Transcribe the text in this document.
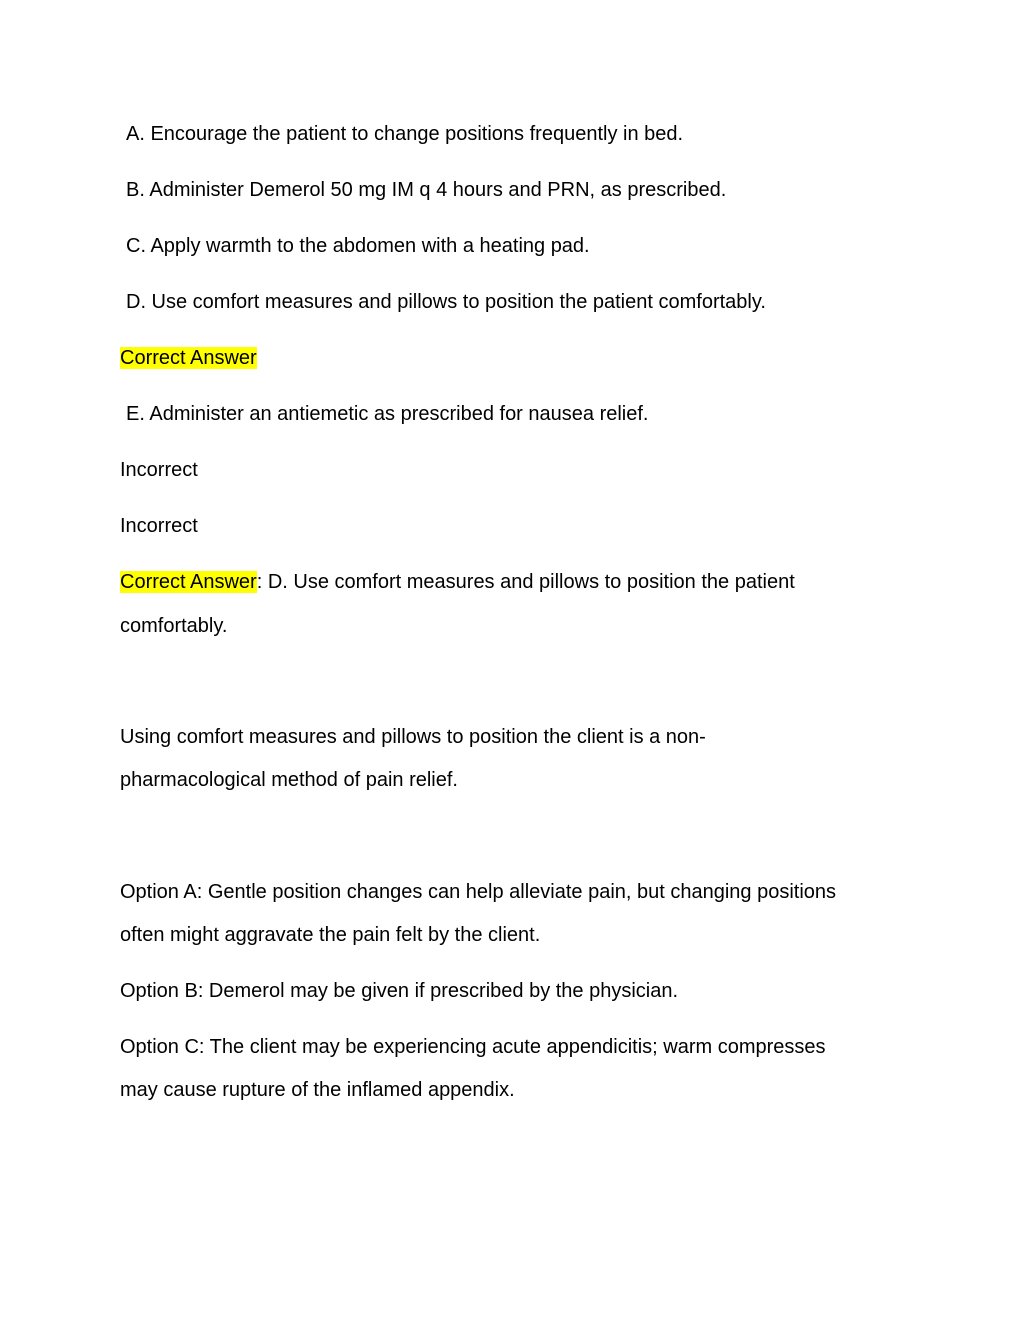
A. Encourage the patient to change positions frequently in bed.
B. Administer Demerol 50 mg IM q 4 hours and PRN, as prescribed.
C. Apply warmth to the abdomen with a heating pad.
D. Use comfort measures and pillows to position the patient comfortably.
Correct Answer
E. Administer an antiemetic as prescribed for nausea relief.
Incorrect
Incorrect
Correct Answer: D. Use comfort measures and pillows to position the patient
comfortably.
Using comfort measures and pillows to position the client is a non-
pharmacological method of pain relief.
Option A: Gentle position changes can help alleviate pain, but changing positions
often might aggravate the pain felt by the client.
Option B: Demerol may be given if prescribed by the physician.
Option C: The client may be experiencing acute appendicitis; warm compresses
may cause rupture of the inflamed appendix.
